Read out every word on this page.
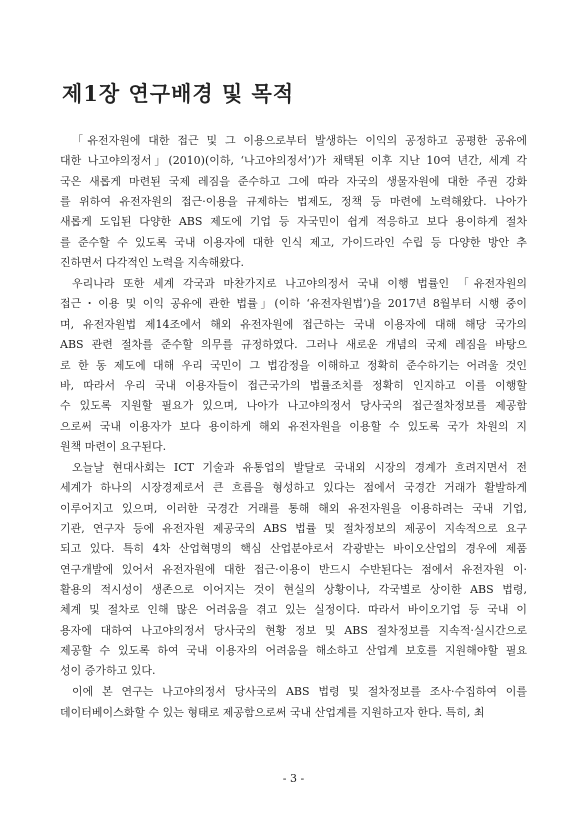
제1장 연구배경 및 목적
「유전자원에 대한 접근 및 그 이용으로부터 발생하는 이익의 공정하고 공평한 공유에
대한 나고야의정서」(2010)(이하, ‘나고야의정서’)가 채택된 이후 지난 10여 년간, 세계 각
국은 새롭게 마련된 국제 레짐을 준수하고 그에 따라 자국의 생물자원에 대한 주권 강화
를 위하여 유전자원의 접근·이용을 규제하는 법제도, 정책 등 마련에 노력해왔다. 나아가
새롭게 도입된 다양한 ABS 제도에 기업 등 자국민이 쉽게 적응하고 보다 용이하게 절차
를 준수할 수 있도록 국내 이용자에 대한 인식 제고, 가이드라인 수립 등 다양한 방안 추
진하면서 다각적인 노력을 지속해왔다.
우리나라 또한 세계 각국과 마찬가지로 나고야의정서 국내 이행 법률인 「유전자원의
접근・이용 및 이익 공유에 관한 법률」(이하 ‘유전자원법’)을 2017년 8월부터 시행 중이
며, 유전자원법 제14조에서 해외 유전자원에 접근하는 국내 이용자에 대해 해당 국가의
ABS 관련 절차를 준수할 의무를 규정하였다. 그러나 새로운 개념의 국제 레짐을 바탕으
로 한 동 제도에 대해 우리 국민이 그 법감정을 이해하고 정확히 준수하기는 어려울 것인
바, 따라서 우리 국내 이용자들이 접근국가의 법률조치를 정확히 인지하고 이를 이행할
수 있도록 지원할 필요가 있으며, 나아가 나고야의정서 당사국의 접근절차정보를 제공함
으로써 국내 이용자가 보다 용이하게 해외 유전자원을 이용할 수 있도록 국가 차원의 지
원책 마련이 요구된다.
오늘날 현대사회는 ICT 기술과 유통업의 발달로 국내외 시장의 경계가 흐려지면서 전
세계가 하나의 시장경제로서 큰 흐름을 형성하고 있다는 점에서 국경간 거래가 활발하게
이루어지고 있으며, 이러한 국경간 거래를 통해 해외 유전자원을 이용하려는 국내 기업,
기관, 연구자 등에 유전자원 제공국의 ABS 법률 및 절차정보의 제공이 지속적으로 요구
되고 있다. 특히 4차 산업혁명의 핵심 산업분야로서 각광받는 바이오산업의 경우에 제품
연구개발에 있어서 유전자원에 대한 접근·이용이 반드시 수반된다는 점에서 유전자원 이·
활용의 적시성이 생존으로 이어지는 것이 현실의 상황이나, 각국별로 상이한 ABS 법령,
체계 및 절차로 인해 많은 어려움을 겪고 있는 실정이다. 따라서 바이오기업 등 국내 이
용자에 대하여 나고야의정서 당사국의 현황 정보 및 ABS 절차정보를 지속적·실시간으로
제공할 수 있도록 하여 국내 이용자의 어려움을 해소하고 산업계 보호를 지원해야할 필요
성이 증가하고 있다.
이에 본 연구는 나고야의정서 당사국의 ABS 법령 및 절차정보를 조사·수집하여 이를
데이터베이스화할 수 있는 형태로 제공함으로써 국내 산업계를 지원하고자 한다. 특히, 최
- 3 -
